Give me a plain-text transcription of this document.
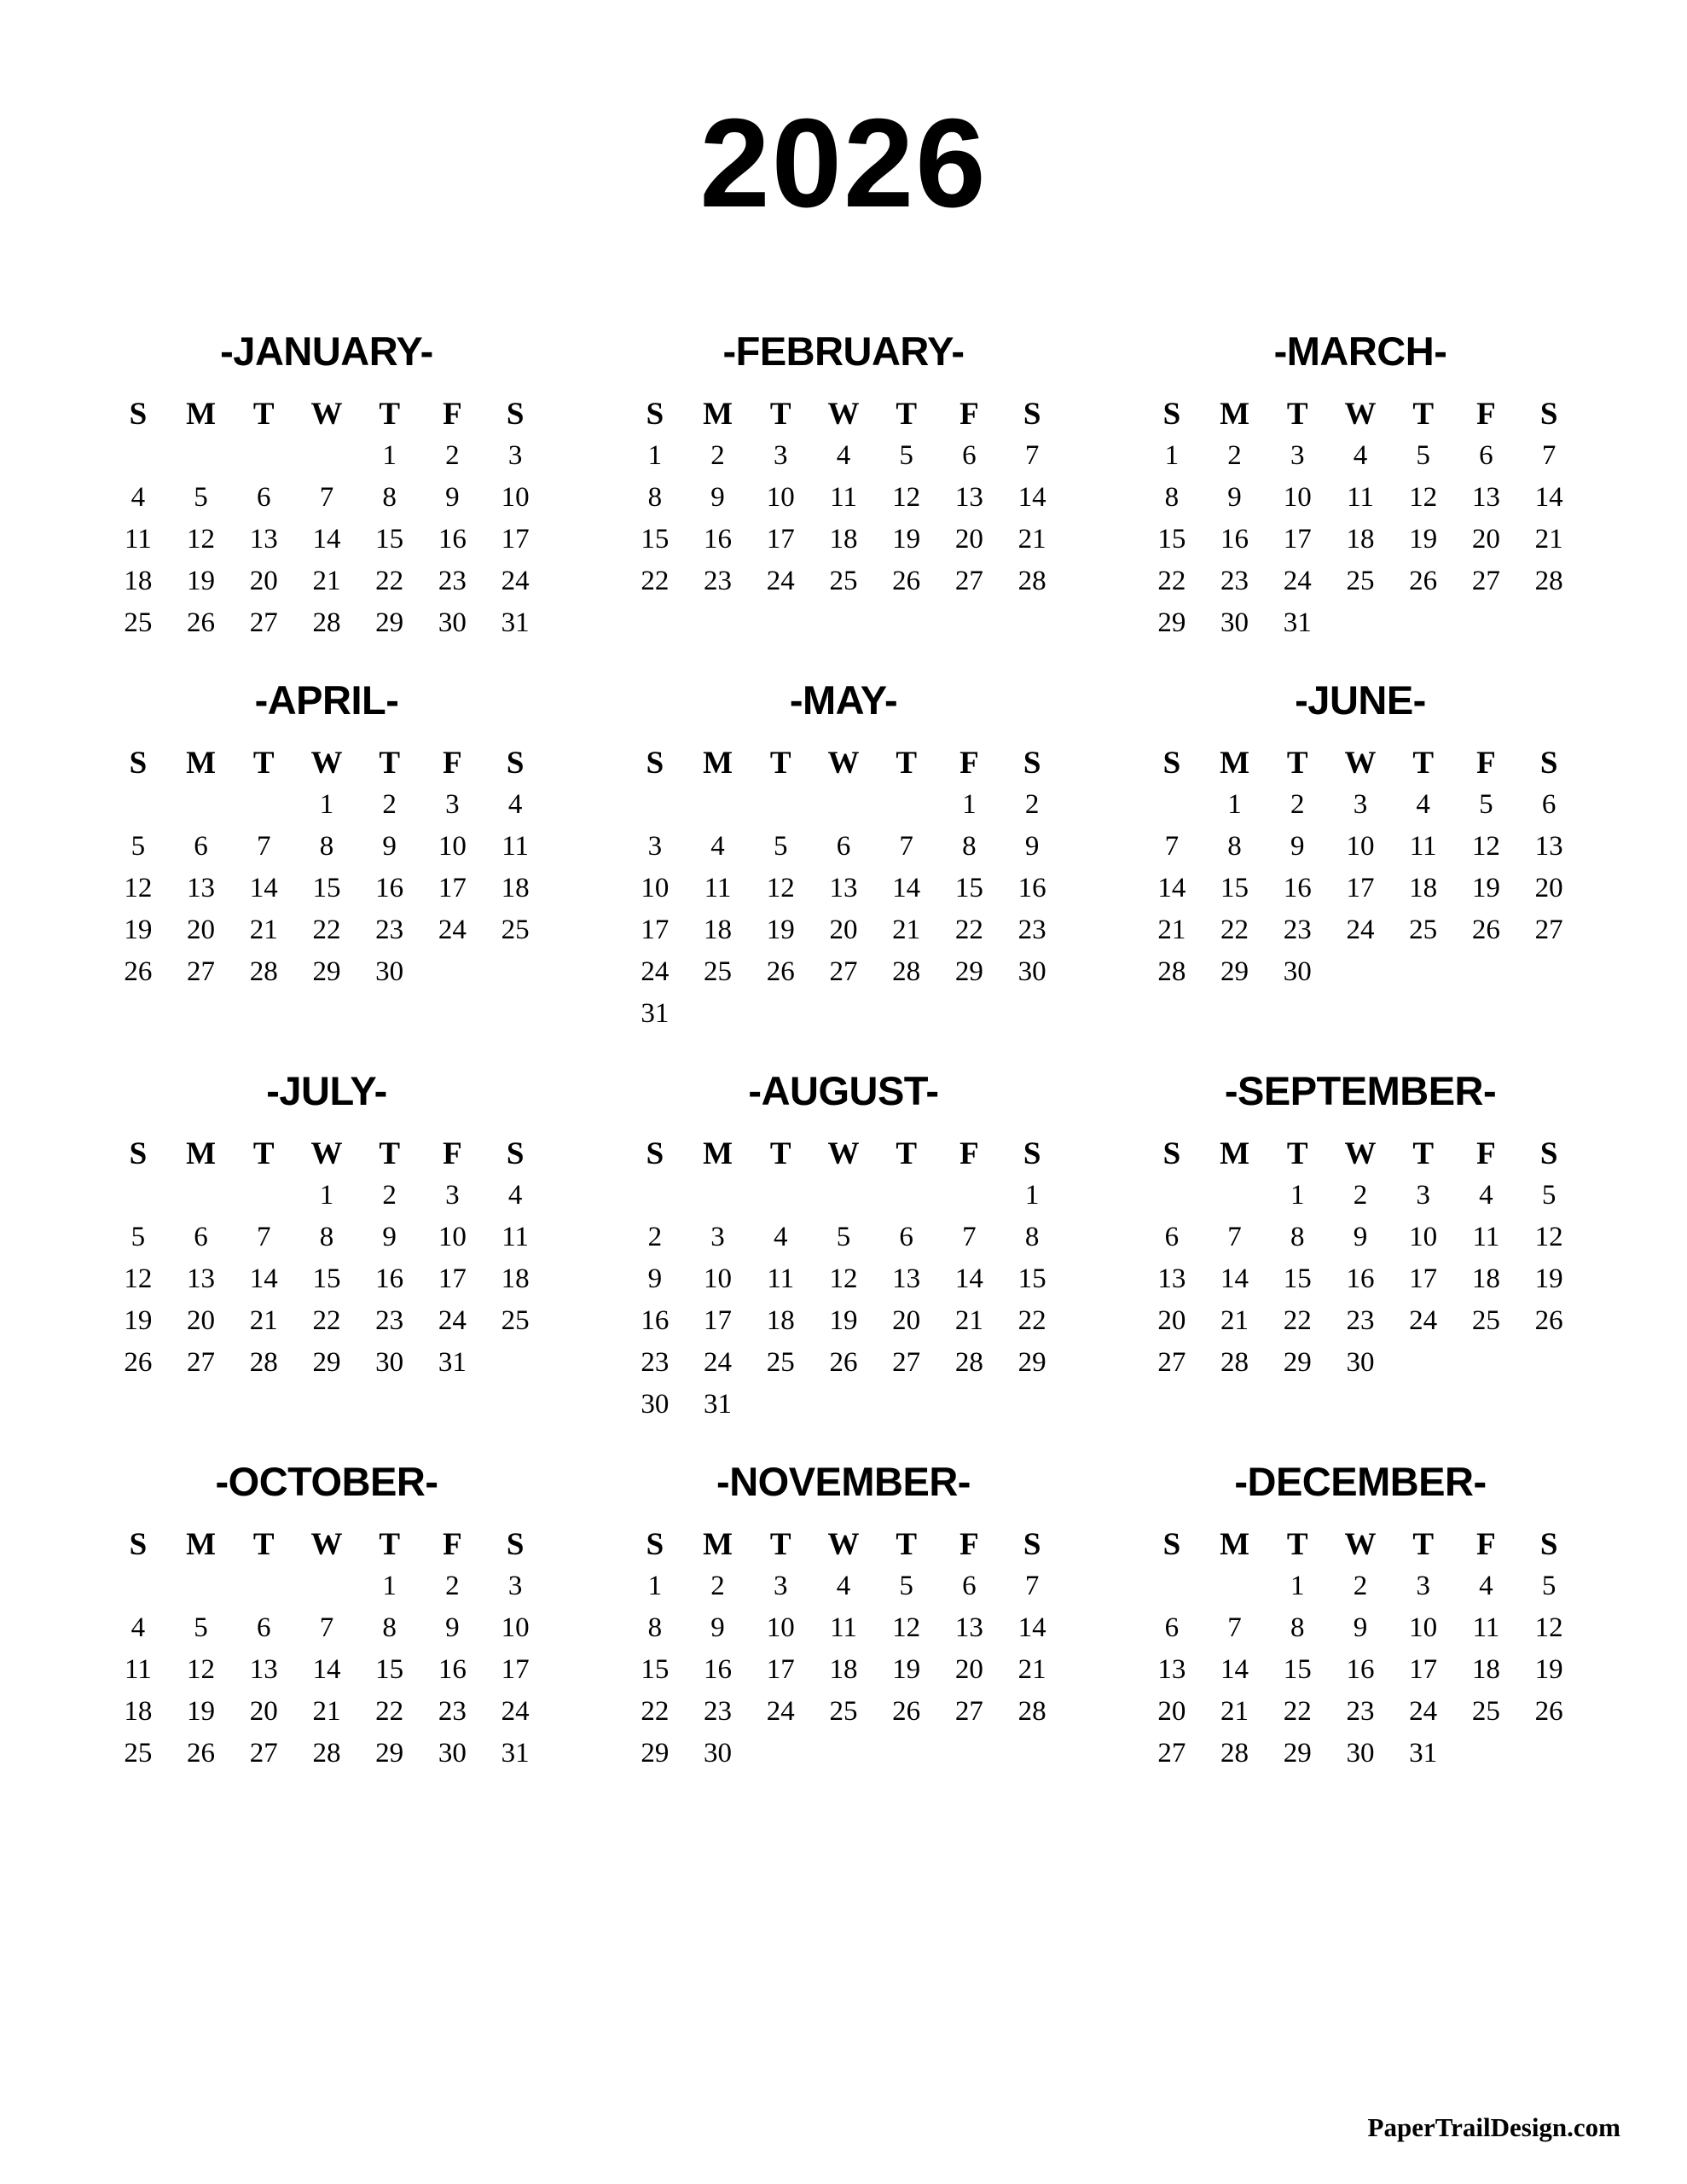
2026
-JANUARY-
S	M	T	W	T	F	S
				1	2	3
4	5	6	7	8	9	10
11	12	13	14	15	16	17
18	19	20	21	22	23	24
25	26	27	28	29	30	31
-FEBRUARY-
S	M	T	W	T	F	S
1	2	3	4	5	6	7
8	9	10	11	12	13	14
15	16	17	18	19	20	21
22	23	24	25	26	27	28
-MARCH-
S	M	T	W	T	F	S
1	2	3	4	5	6	7
8	9	10	11	12	13	14
15	16	17	18	19	20	21
22	23	24	25	26	27	28
29	30	31				
-APRIL-
S	M	T	W	T	F	S
			1	2	3	4
5	6	7	8	9	10	11
12	13	14	15	16	17	18
19	20	21	22	23	24	25
26	27	28	29	30		
-MAY-
S	M	T	W	T	F	S
					1	2
3	4	5	6	7	8	9
10	11	12	13	14	15	16
17	18	19	20	21	22	23
24	25	26	27	28	29	30
31						
-JUNE-
S	M	T	W	T	F	S
	1	2	3	4	5	6
7	8	9	10	11	12	13
14	15	16	17	18	19	20
21	22	23	24	25	26	27
28	29	30				
-JULY-
S	M	T	W	T	F	S
			1	2	3	4
5	6	7	8	9	10	11
12	13	14	15	16	17	18
19	20	21	22	23	24	25
26	27	28	29	30	31	
-AUGUST-
S	M	T	W	T	F	S
						1
2	3	4	5	6	7	8
9	10	11	12	13	14	15
16	17	18	19	20	21	22
23	24	25	26	27	28	29
30	31					
-SEPTEMBER-
S	M	T	W	T	F	S
		1	2	3	4	5
6	7	8	9	10	11	12
13	14	15	16	17	18	19
20	21	22	23	24	25	26
27	28	29	30			
-OCTOBER-
S	M	T	W	T	F	S
				1	2	3
4	5	6	7	8	9	10
11	12	13	14	15	16	17
18	19	20	21	22	23	24
25	26	27	28	29	30	31
-NOVEMBER-
S	M	T	W	T	F	S
1	2	3	4	5	6	7
8	9	10	11	12	13	14
15	16	17	18	19	20	21
22	23	24	25	26	27	28
29	30					
-DECEMBER-
S	M	T	W	T	F	S
		1	2	3	4	5
6	7	8	9	10	11	12
13	14	15	16	17	18	19
20	21	22	23	24	25	26
27	28	29	30	31		
PaperTrailDesign.com
